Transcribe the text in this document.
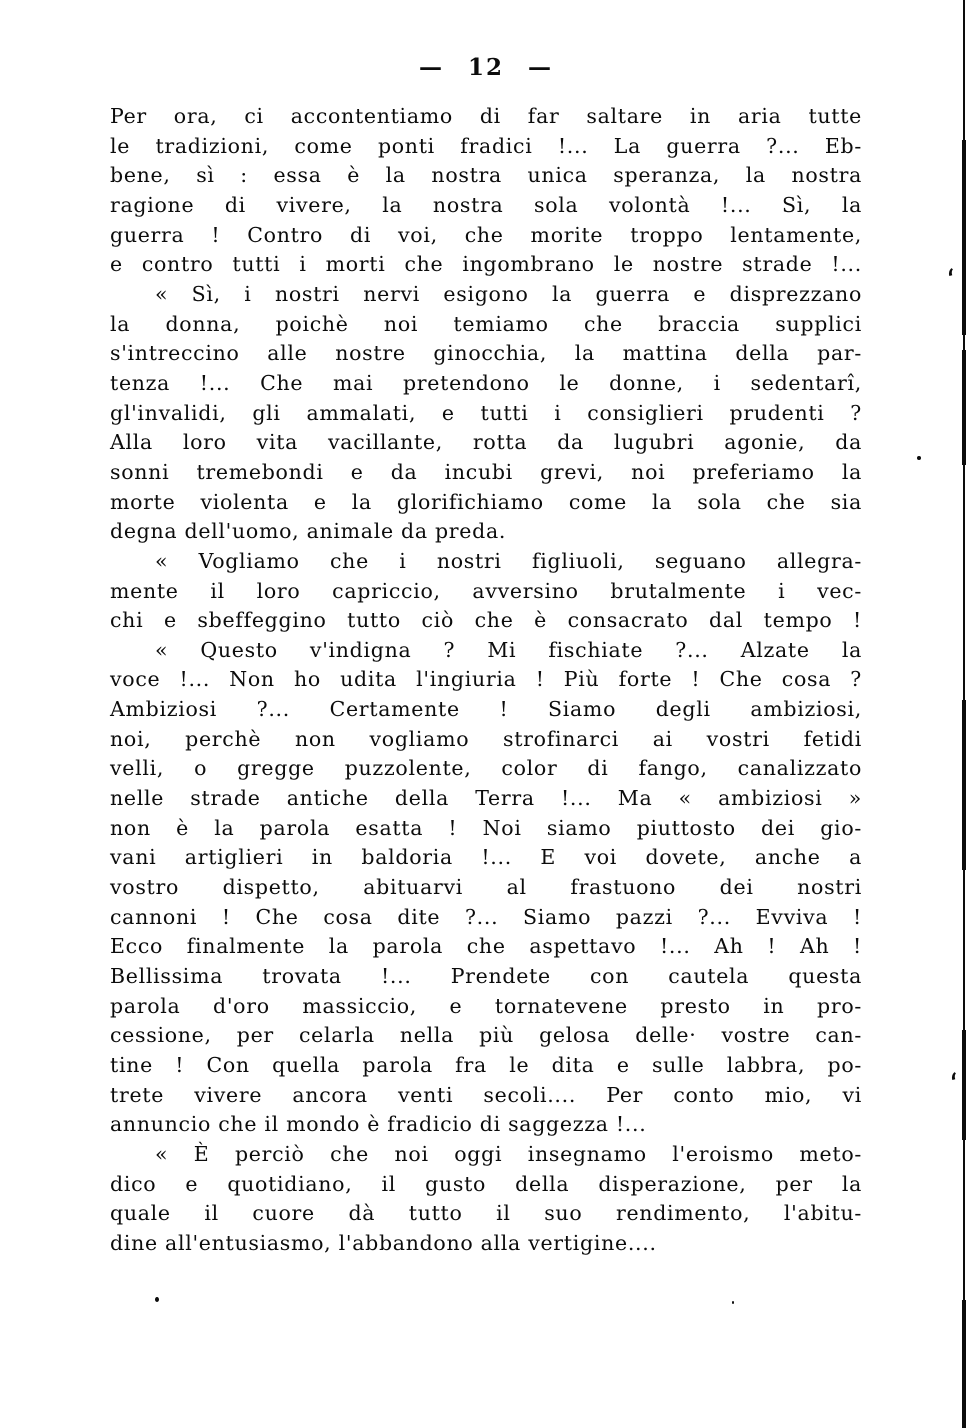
— 12 —
Per ora, ci accontentiamo di far saltare in aria tutte
le tradizioni, come ponti fradici !... La guerra ?... Eb-
bene, sì : essa è la nostra unica speranza, la nostra
ragione di vivere, la nostra sola volontà !... Sì, la
guerra ! Contro di voi, che morite troppo lentamente,
e contro tutti i morti che ingombrano le nostre strade !...
« Sì, i nostri nervi esigono la guerra e disprezzano
la donna, poichè noi temiamo che braccia supplici
s'intreccino alle nostre ginocchia, la mattina della par-
tenza !... Che mai pretendono le donne, i sedentarî,
gl'invalidi, gli ammalati, e tutti i consiglieri prudenti ?
Alla loro vita vacillante, rotta da lugubri agonie, da
sonni tremebondi e da incubi grevi, noi preferiamo la
morte violenta e la glorifichiamo come la sola che sia
degna dell'uomo, animale da preda.
« Vogliamo che i nostri figliuoli, seguano allegra-
mente il loro capriccio, avversino brutalmente i vec-
chi e sbeffeggino tutto ciò che è consacrato dal tempo !
« Questo v'indigna ? Mi fischiate ?... Alzate la
voce !... Non ho udita l'ingiuria ! Più forte ! Che cosa ?
Ambiziosi ?... Certamente ! Siamo degli ambiziosi,
noi, perchè non vogliamo strofinarci ai vostri fetidi
velli, o gregge puzzolente, color di fango, canalizzato
nelle strade antiche della Terra !... Ma « ambiziosi »
non è la parola esatta ! Noi siamo piuttosto dei gio-
vani artiglieri in baldoria !... E voi dovete, anche a
vostro dispetto, abituarvi al frastuono dei nostri
cannoni ! Che cosa dite ?... Siamo pazzi ?... Evviva !
Ecco finalmente la parola che aspettavo !... Ah ! Ah !
Bellissima trovata !... Prendete con cautela questa
parola d'oro massiccio, e tornatevene presto in pro-
cessione, per celarla nella più gelosa delle· vostre can-
tine ! Con quella parola fra le dita e sulle labbra, po-
trete vivere ancora venti secoli.... Per conto mio, vi
annuncio che il mondo è fradicio di saggezza !...
« È perciò che noi oggi insegnamo l'eroismo meto-
dico e quotidiano, il gusto della disperazione, per la
quale il cuore dà tutto il suo rendimento, l'abitu-
dine all'entusiasmo, l'abbandono alla vertigine....
,
,
